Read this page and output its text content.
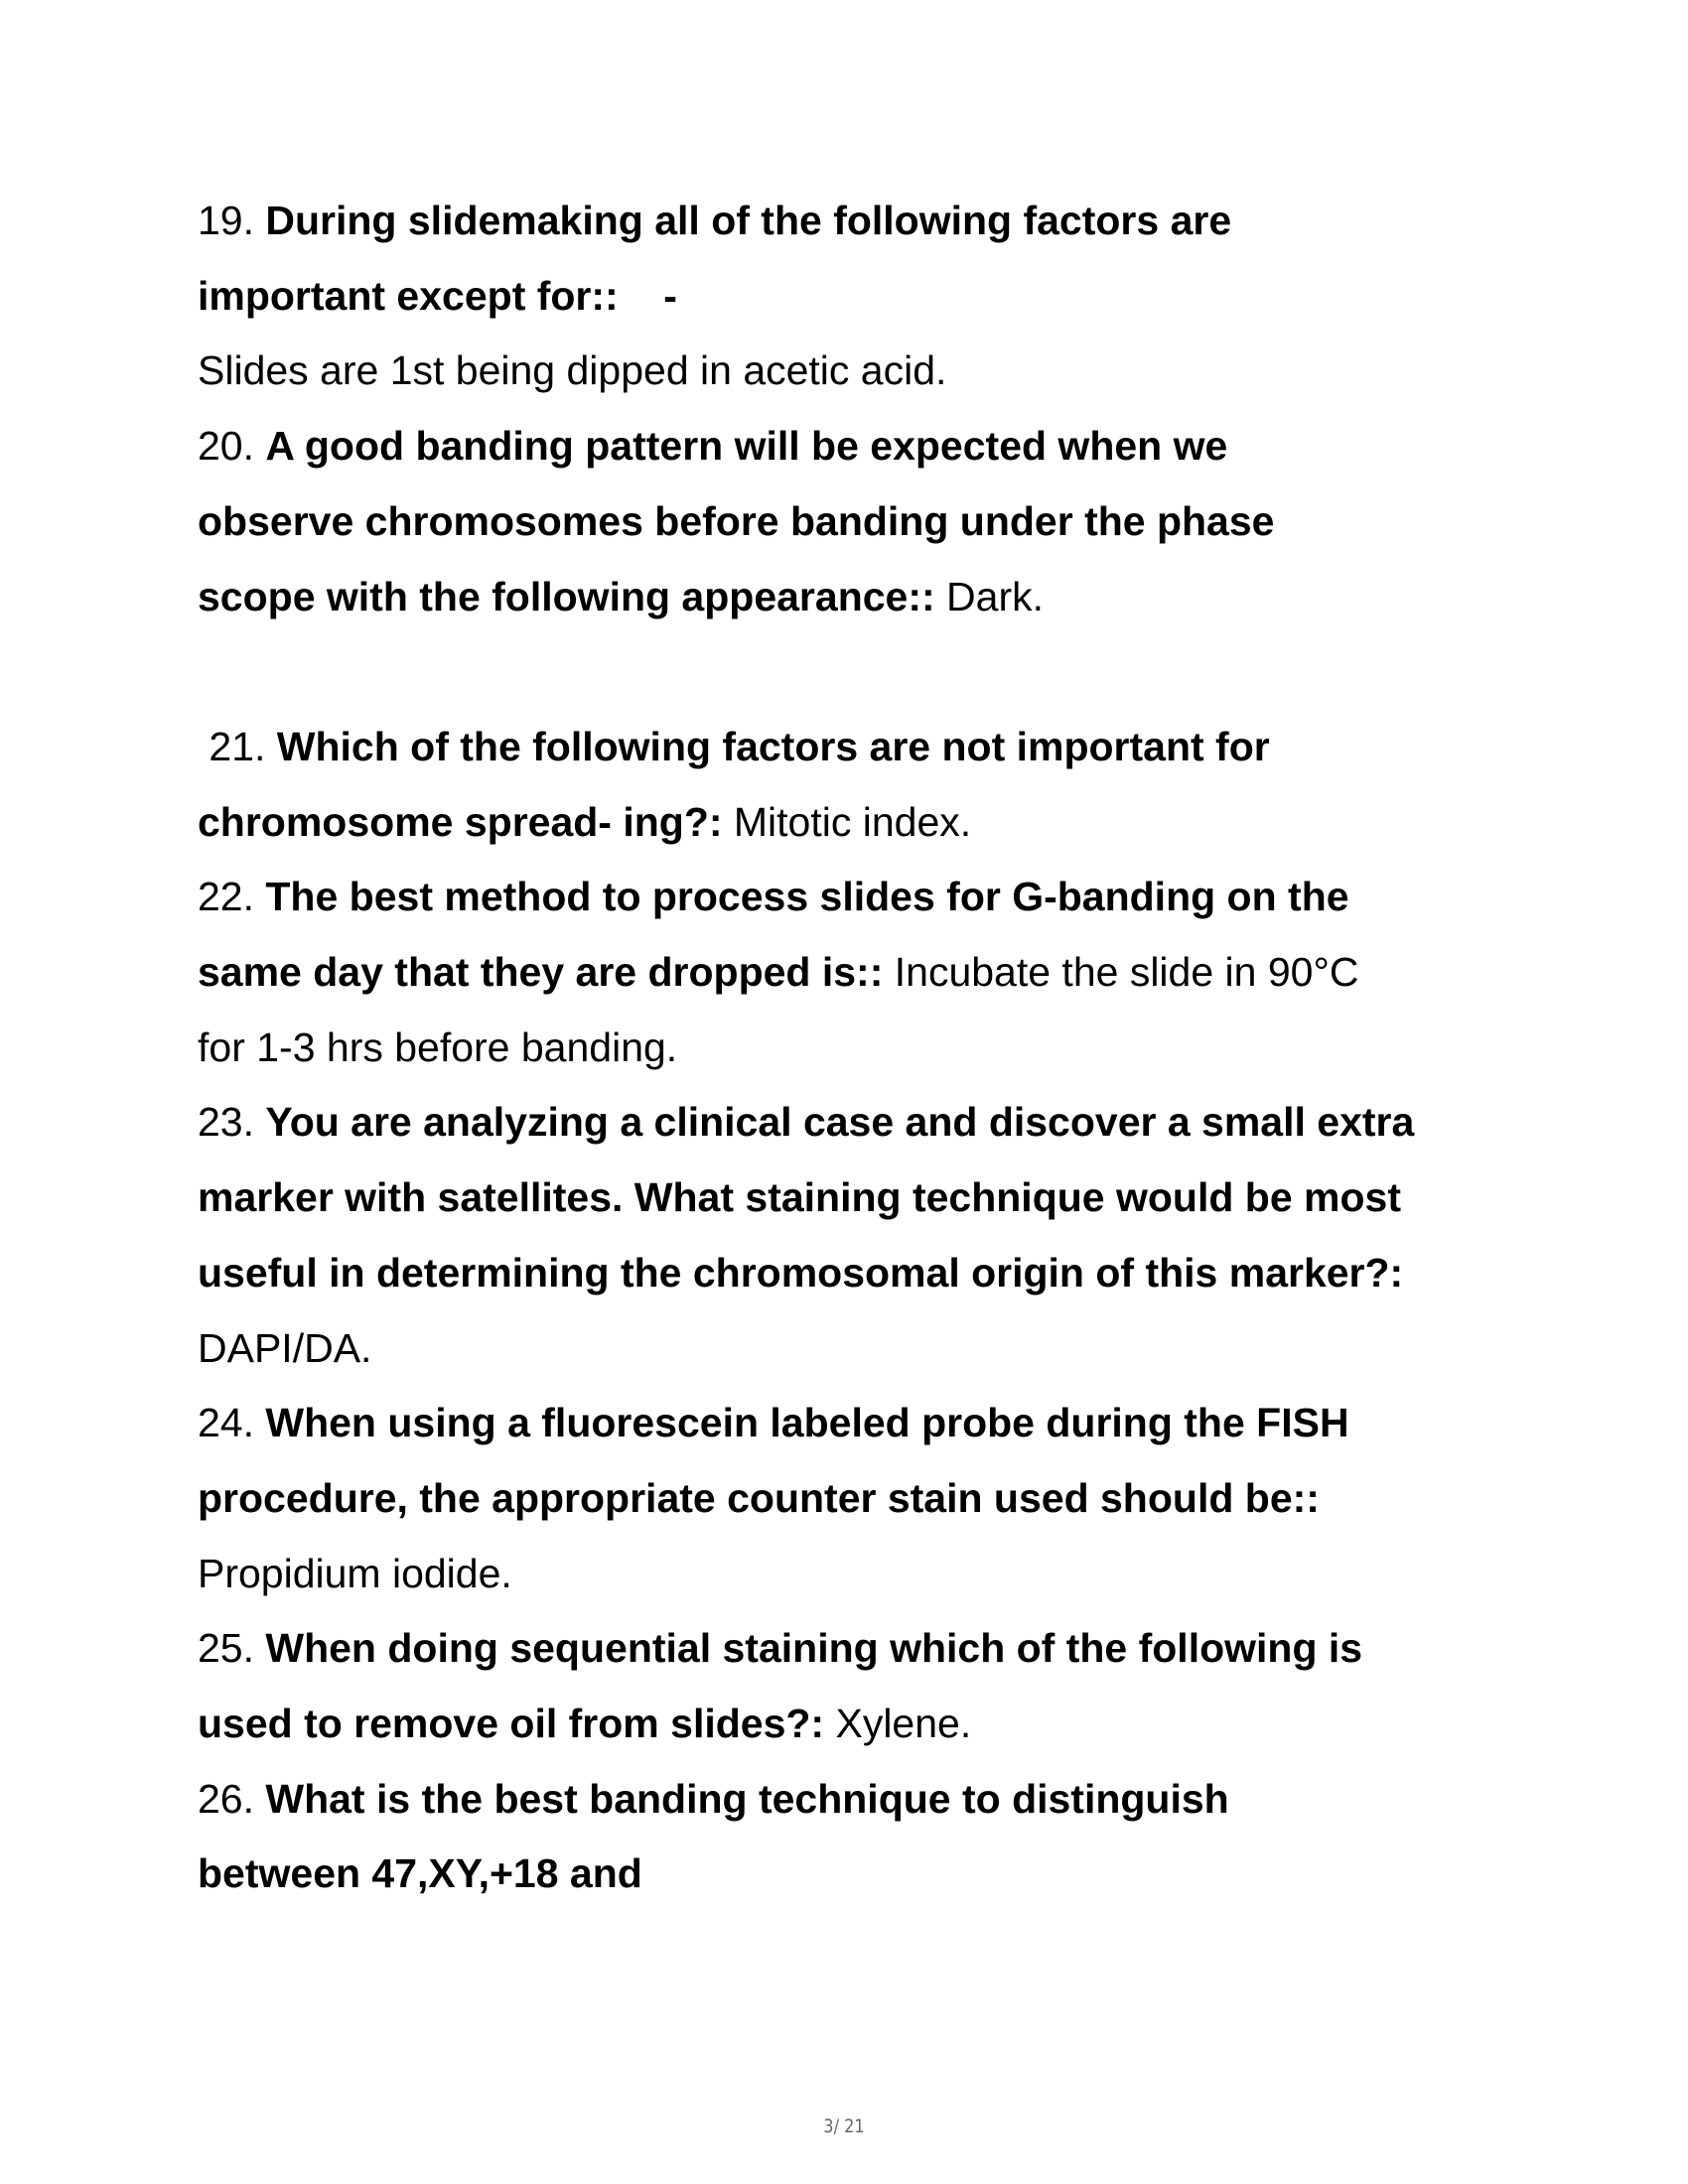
19. During slidemaking all of the following factors are
important except for::    -
Slides are 1st being dipped in acetic acid.
20. A good banding pattern will be expected when we
observe chromosomes before banding under the phase
scope with the following appearance:: Dark.
21. Which of the following factors are not important for
chromosome spread- ing?: Mitotic index.
22. The best method to process slides for G-banding on the
same day that they are dropped is:: Incubate the slide in 90°C
for 1-3 hrs before banding.
23. You are analyzing a clinical case and discover a small extra
marker with satellites. What staining technique would be most
useful in determining the chromosomal origin of this marker?:
DAPI/DA.
24. When using a fluorescein labeled probe during the FISH
procedure, the appropriate counter stain used should be::
Propidium iodide.
25. When doing sequential staining which of the following is
used to remove oil from slides?: Xylene.
26. What is the best banding technique to distinguish
between 47,XY,+18 and
3/ 21
